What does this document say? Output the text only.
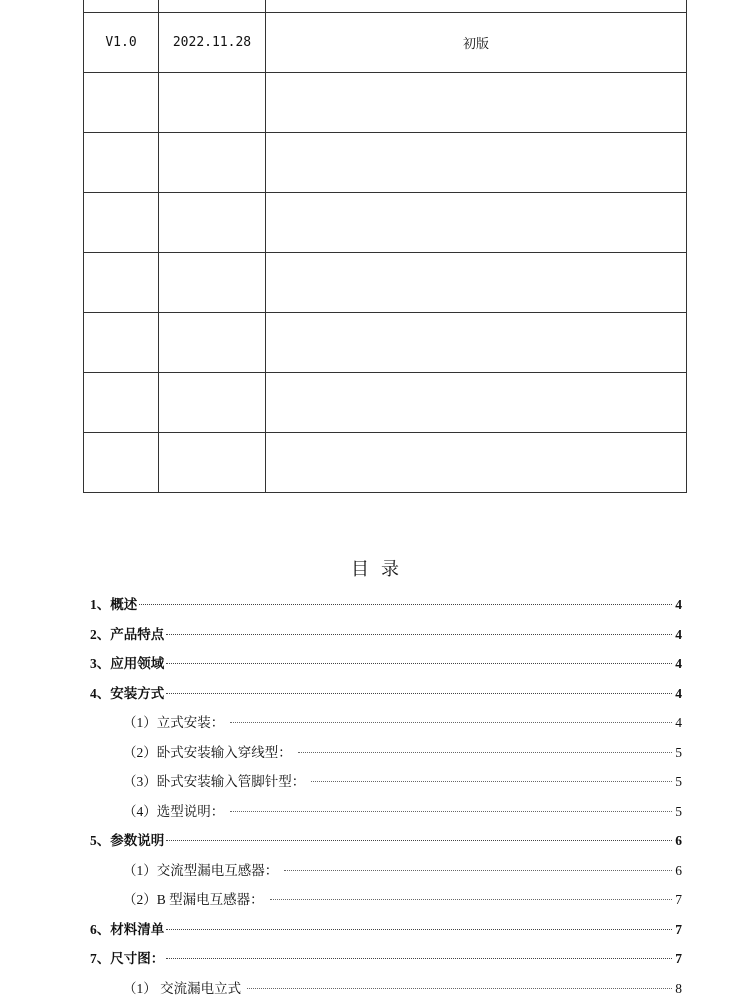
V1.0	2022.11.28	初版

目录
1、概述	4
2、产品特点	4
3、应用领域	4
4、安装方式	4
（1）立式安装：	4
（2）卧式安装输入穿线型：	5
（3）卧式安装输入管脚针型：	5
（4）选型说明：	5
5、参数说明	6
（1）交流型漏电互感器：	6
（2）B 型漏电互感器：	7
6、材料清单	7
7、尺寸图：	7
（1） 交流漏电立式	8
